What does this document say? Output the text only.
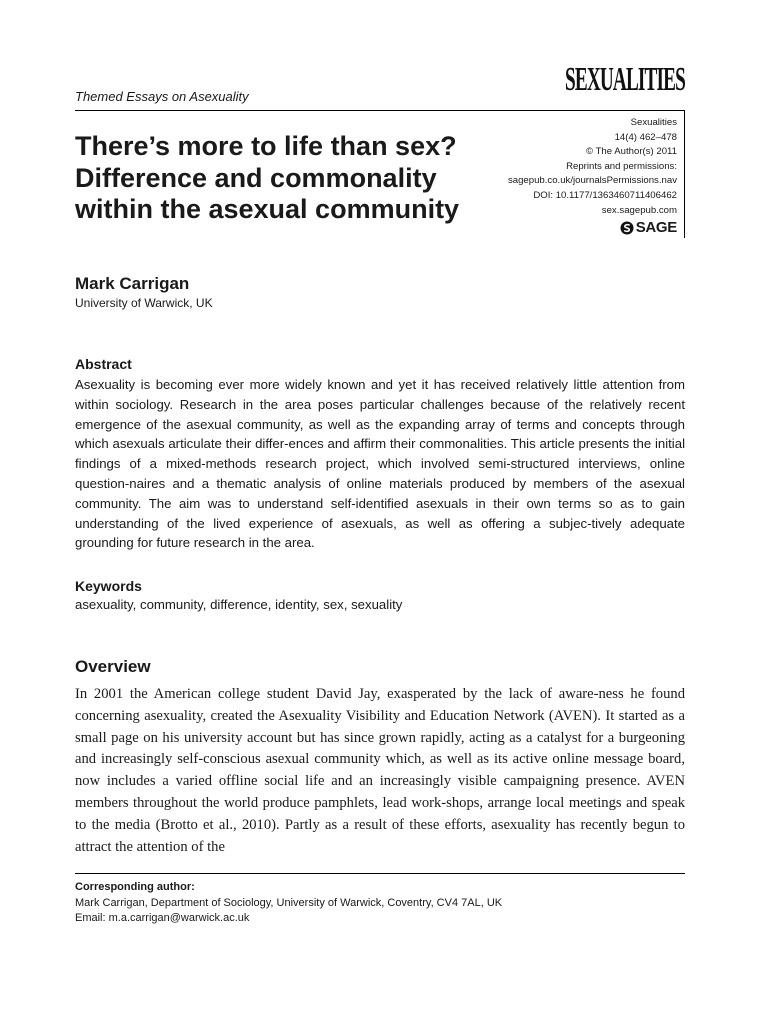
Themed Essays on Asexuality	SEXUALITIES
Sexualities
14(4) 462–478
© The Author(s) 2011
Reprints and permissions:
sagepub.co.uk/journalsPermissions.nav
DOI: 10.1177/1363460711406462
sex.sagepub.com
SAGE
There’s more to life than sex? Difference and commonality within the asexual community
Mark Carrigan
University of Warwick, UK
Abstract

Asexuality is becoming ever more widely known and yet it has received relatively little attention from within sociology. Research in the area poses particular challenges because of the relatively recent emergence of the asexual community, as well as the expanding array of terms and concepts through which asexuals articulate their differ-ences and affirm their commonalities. This article presents the initial findings of a mixed-methods research project, which involved semi-structured interviews, online question-naires and a thematic analysis of online materials produced by members of the asexual community. The aim was to understand self-identified asexuals in their own terms so as to gain understanding of the lived experience of asexuals, as well as offering a subjec-tively adequate grounding for future research in the area.

Keywords
asexuality, community, difference, identity, sex, sexuality
Overview

In 2001 the American college student David Jay, exasperated by the lack of aware-ness he found concerning asexuality, created the Asexuality Visibility and Education Network (AVEN). It started as a small page on his university account but has since grown rapidly, acting as a catalyst for a burgeoning and increasingly self-conscious asexual community which, as well as its active online message board, now includes a varied offline social life and an increasingly visible campaigning presence. AVEN members throughout the world produce pamphlets, lead work-shops, arrange local meetings and speak to the media (Brotto et al., 2010). Partly as a result of these efforts, asexuality has recently begun to attract the attention of the

Corresponding author:
Mark Carrigan, Department of Sociology, University of Warwick, Coventry, CV4 7AL, UK
Email: m.a.carrigan@warwick.ac.uk
